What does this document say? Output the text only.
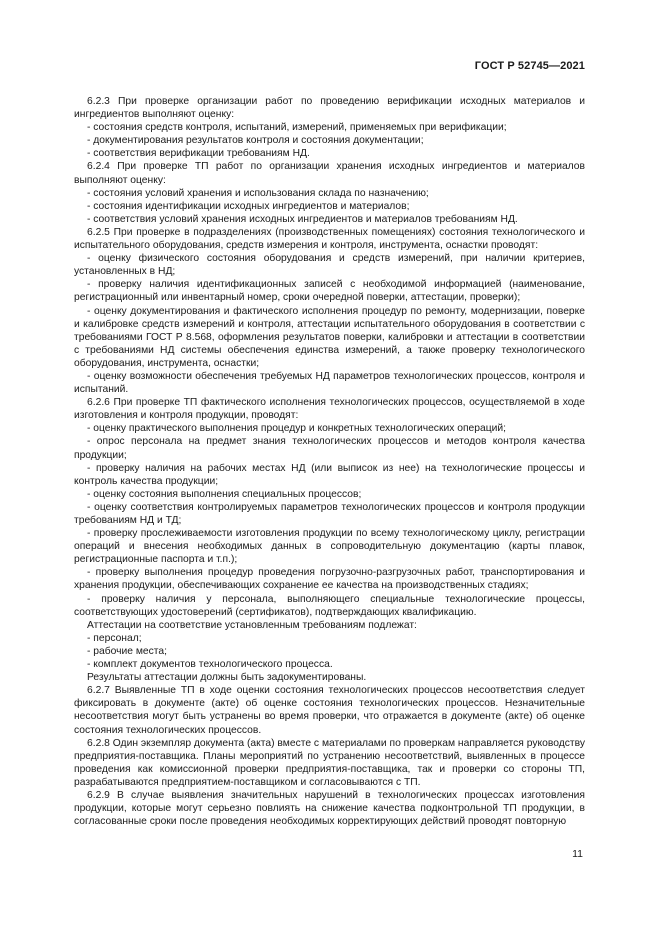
ГОСТ Р 52745—2021

6.2.3 При проверке организации работ по проведению верификации исходных материалов и ингредиентов выполняют оценку:

- состояния средств контроля, испытаний, измерений, применяемых при верификации;

- документирования результатов контроля и состояния документации;

- соответствия верификации требованиям НД.

6.2.4 При проверке ТП работ по организации хранения исходных ингредиентов и материалов выполняют оценку:

- состояния условий хранения и использования склада по назначению;

- состояния идентификации исходных ингредиентов и материалов;

- соответствия условий хранения исходных ингредиентов и материалов требованиям НД.

6.2.5 При проверке в подразделениях (производственных помещениях) состояния технологического и испытательного оборудования, средств измерения и контроля, инструмента, оснастки проводят:

- оценку физического состояния оборудования и средств измерений, при наличии критериев, установленных в НД;

- проверку наличия идентификационных записей с необходимой информацией (наименование, регистрационный или инвентарный номер, сроки очередной поверки, аттестации, проверки);

- оценку документирования и фактического исполнения процедур по ремонту, модернизации, поверке и калибровке средств измерений и контроля, аттестации испытательного оборудования в соответствии с требованиями ГОСТ Р 8.568, оформления результатов поверки, калибровки и аттестации в соответствии с требованиями НД системы обеспечения единства измерений, а также проверку технологического оборудования, инструмента, оснастки;

- оценку возможности обеспечения требуемых НД параметров технологических процессов, контроля и испытаний.

6.2.6 При проверке ТП фактического исполнения технологических процессов, осуществляемой в ходе изготовления и контроля продукции, проводят:

- оценку практического выполнения процедур и конкретных технологических операций;

- опрос персонала на предмет знания технологических процессов и методов контроля качества продукции;

- проверку наличия на рабочих местах НД (или выписок из нее) на технологические процессы и контроль качества продукции;

- оценку состояния выполнения специальных процессов;

- оценку соответствия контролируемых параметров технологических процессов и контроля продукции требованиям НД и ТД;

- проверку прослеживаемости изготовления продукции по всему технологическому циклу, регистрации операций и внесения необходимых данных в сопроводительную документацию (карты плавок, регистрационные паспорта и т.п.);

- проверку выполнения процедур проведения погрузочно-разгрузочных работ, транспортирования и хранения продукции, обеспечивающих сохранение ее качества на производственных стадиях;

- проверку наличия у персонала, выполняющего специальные технологические процессы, соответствующих удостоверений (сертификатов), подтверждающих квалификацию.

Аттестации на соответствие установленным требованиям подлежат:

- персонал;

- рабочие места;

- комплект документов технологического процесса.

Результаты аттестации должны быть задокументированы.

6.2.7 Выявленные ТП в ходе оценки состояния технологических процессов несоответствия следует фиксировать в документе (акте) об оценке состояния технологических процессов. Незначительные несоответствия могут быть устранены во время проверки, что отражается в документе (акте) об оценке состояния технологических процессов.

6.2.8 Один экземпляр документа (акта) вместе с материалами по проверкам направляется руководству предприятия-поставщика. Планы мероприятий по устранению несоответствий, выявленных в процессе проведения как комиссионной проверки предприятия-поставщика, так и проверки со стороны ТП, разрабатываются предприятием-поставщиком и согласовываются с ТП.

6.2.9 В случае выявления значительных нарушений в технологических процессах изготовления продукции, которые могут серьезно повлиять на снижение качества подконтрольной ТП продукции, в согласованные сроки после проведения необходимых корректирующих действий проводят повторную

11
